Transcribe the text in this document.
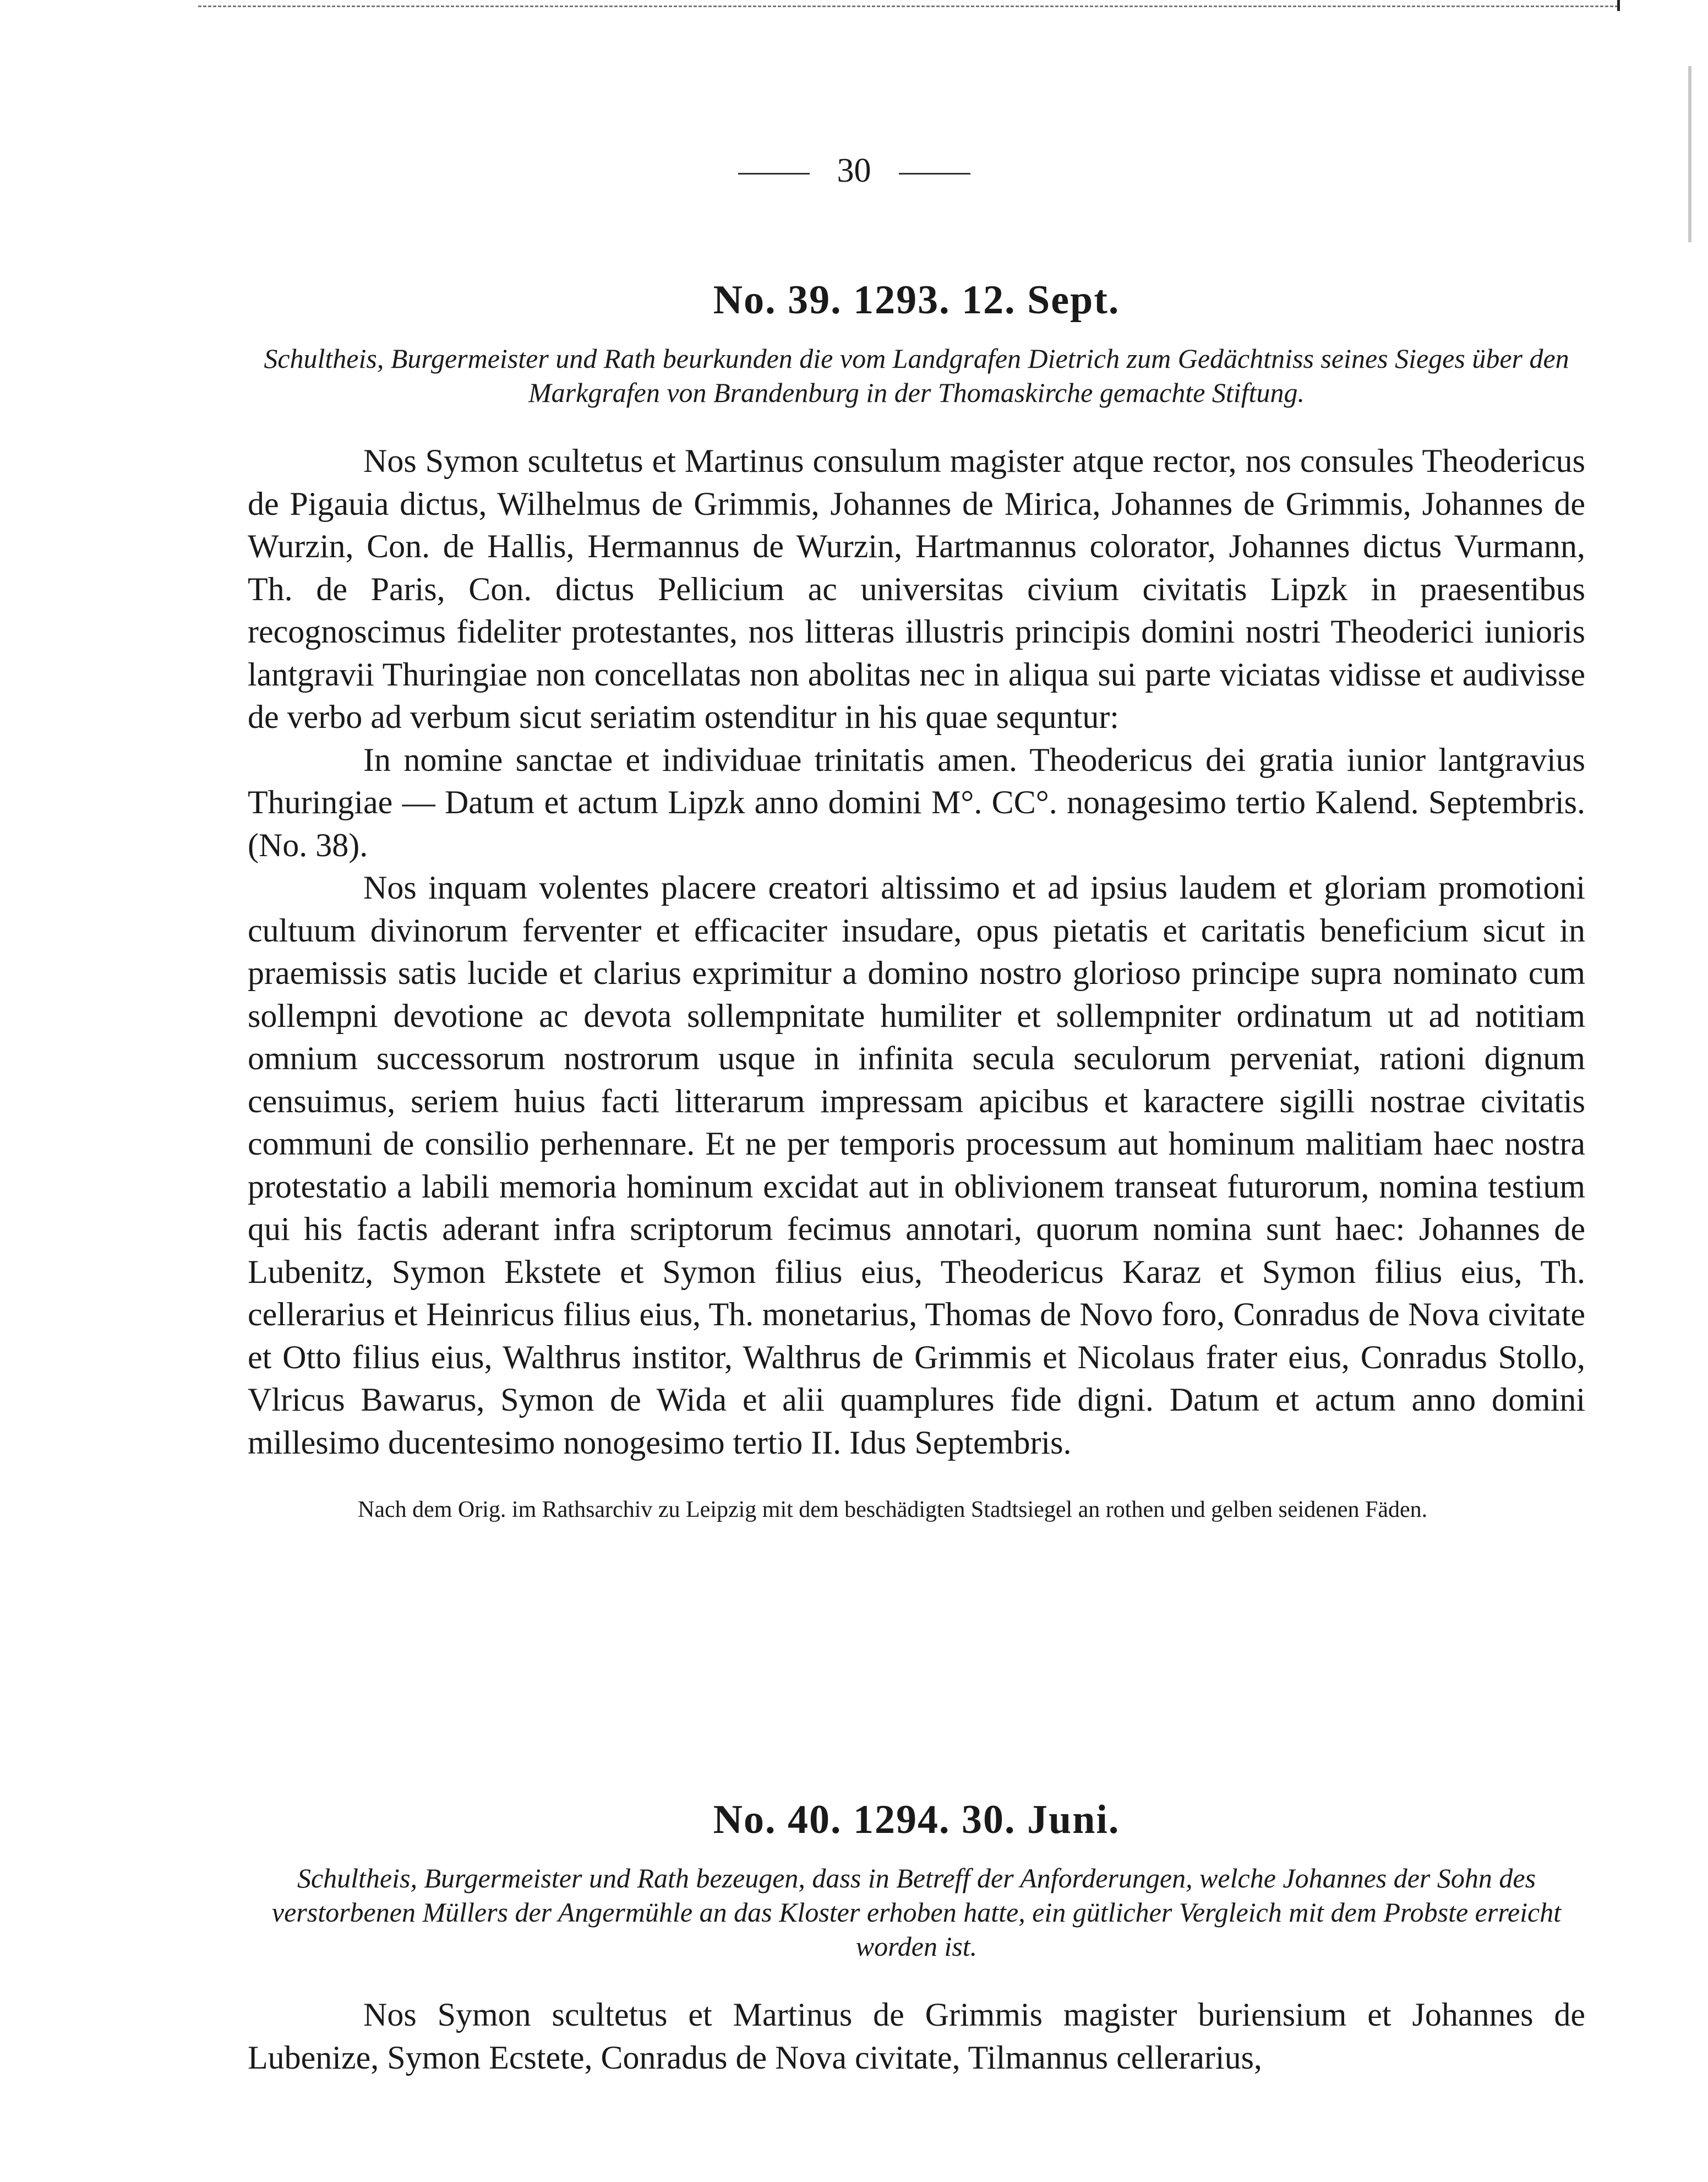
30
No. 39. 1293. 12. Sept.

Schultheis, Burgermeister und Rath beurkunden die vom Landgrafen Dietrich zum Gedächtniss seines Sieges über den Markgrafen von Brandenburg in der Thomaskirche gemachte Stiftung.

Nos Symon scultetus et Martinus consulum magister atque rector, nos consules Theodericus de Pigauia dictus, Wilhelmus de Grimmis, Johannes de Mirica, Johannes de Grimmis, Johannes de Wurzin, Con. de Hallis, Hermannus de Wurzin, Hartmannus colorator, Johannes dictus Vurmann, Th. de Paris, Con. dictus Pellicium ac universitas civium civitatis Lipzk in praesentibus recognoscimus fideliter protestantes, nos litteras illustris principis domini nostri Theoderici iunioris lantgravii Thuringiae non concellatas non abolitas nec in aliqua sui parte viciatas vidisse et audivisse de verbo ad verbum sicut seriatim ostenditur in his quae sequntur:

In nomine sanctae et individuae trinitatis amen. Theodericus dei gratia iunior lantgravius Thuringiae — Datum et actum Lipzk anno domini M°. CC°. nonagesimo tertio Kalend. Septembris. (No. 38).

Nos inquam volentes placere creatori altissimo et ad ipsius laudem et gloriam promotioni cultuum divinorum ferventer et efficaciter insudare, opus pietatis et caritatis beneficium sicut in praemissis satis lucide et clarius exprimitur a domino nostro glorioso principe supra nominato cum sollempni devotione ac devota sollempnitate humiliter et sollempniter ordinatum ut ad notitiam omnium successorum nostrorum usque in infinita secula seculorum perveniat, rationi dignum censuimus, seriem huius facti litterarum impressam apicibus et karactere sigilli nostrae civitatis communi de consilio perhennare. Et ne per temporis processum aut hominum malitiam haec nostra protestatio a labili memoria hominum excidat aut in oblivionem transeat futurorum, nomina testium qui his factis aderant infra scriptorum fecimus annotari, quorum nomina sunt haec: Johannes de Lubenitz, Symon Ekstete et Symon filius eius, Theodericus Karaz et Symon filius eius, Th. cellerarius et Heinricus filius eius, Th. monetarius, Thomas de Novo foro, Conradus de Nova civitate et Otto filius eius, Walthrus institor, Walthrus de Grimmis et Nicolaus frater eius, Conradus Stollo, Vlricus Bawarus, Symon de Wida et alii quamplures fide digni. Datum et actum anno domini millesimo ducentesimo nonogesimo tertio II. Idus Septembris.

Nach dem Orig. im Rathsarchiv zu Leipzig mit dem beschädigten Stadtsiegel an rothen und gelben seidenen Fäden.

No. 40. 1294. 30. Juni.

Schultheis, Burgermeister und Rath bezeugen, dass in Betreff der Anforderungen, welche Johannes der Sohn des verstorbenen Müllers der Angermühle an das Kloster erhoben hatte, ein gütlicher Vergleich mit dem Probste erreicht worden ist.

Nos Symon scultetus et Martinus de Grimmis magister buriensium et Johannes de Lubenize, Symon Ecstete, Conradus de Nova civitate, Tilmannus cellerarius,
